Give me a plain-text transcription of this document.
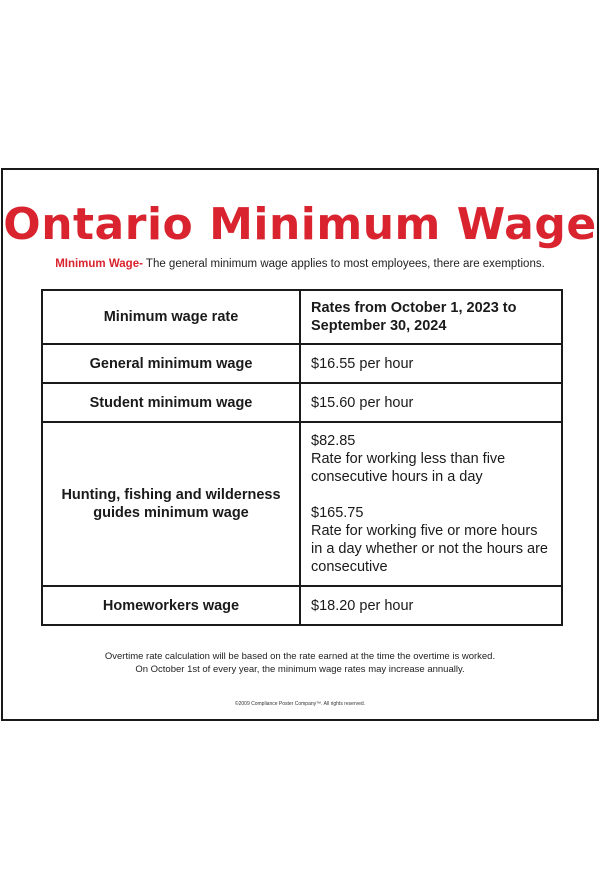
Ontario Minimum Wage
MInimum Wage- The general minimum wage applies to most employees, there are exemptions.
Minimum wage rate	Rates from October 1, 2023 to September 30, 2024
General minimum wage	$16.55 per hour
Student minimum wage	$15.60 per hour
Hunting, fishing and wilderness guides minimum wage	$82.85
Rate for working less than five consecutive hours in a day
$165.75
Rate for working five or more hours in a day whether or not the hours are consecutive

Homeworkers wage	$18.20 per hour
Overtime rate calculation will be based on the rate earned at the time the overtime is worked.
On October 1st of every year, the minimum wage rates may increase annually.
©2009 Compliance Poster Company™. All rights reserved.
